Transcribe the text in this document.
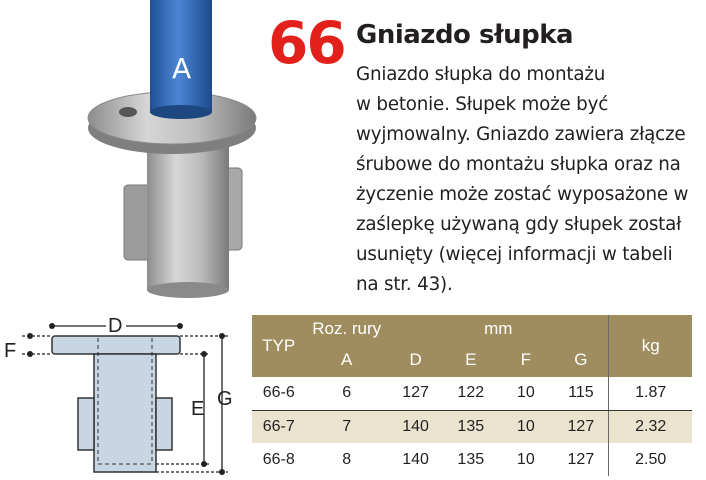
A 66 Gniazdo słupka
Gniazdo słupka do montażu
w betonie. Słupek może być
wyjmowalny. Gniazdo zawiera złącze
śrubowe do montażu słupka oraz na
życzenie może zostać wyposażone w
zaślepkę używaną gdy słupek został
usunięty (więcej informacji w tabeli
na str. 43).
D
F
E G
TYP	Roz. rury	mm				kg
	A	D	E	F	G	
66-6	6	127	122	10	115	1.87
66-7	7	140	135	10	127	2.32
66-8	8	140	135	10	127	2.50
